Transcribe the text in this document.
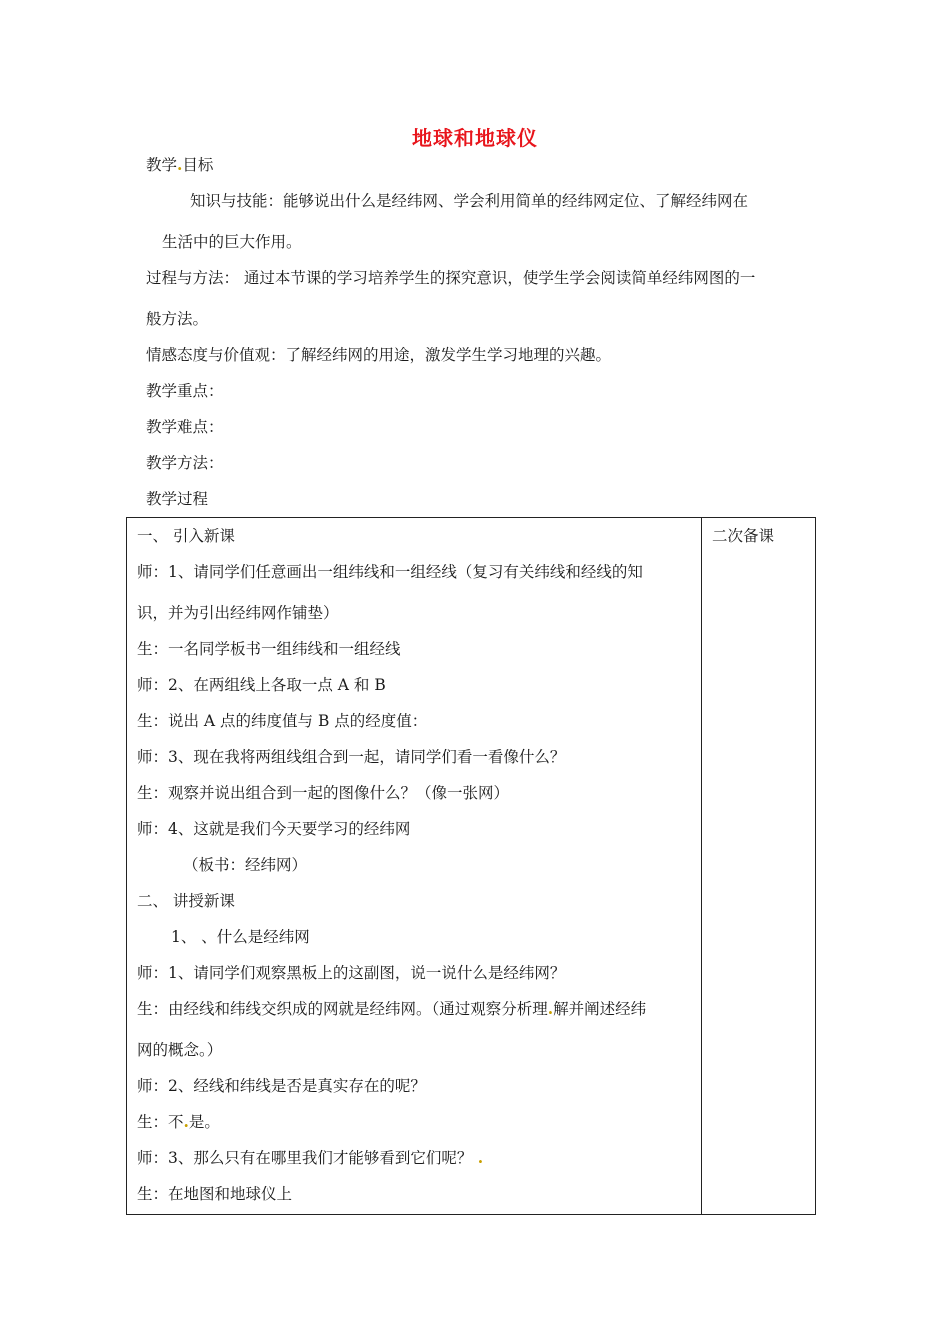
地球和地球仪
教学.目标
知识与技能：能够说出什么是经纬网、学会利用简单的经纬网定位、了解经纬网在
生活中的巨大作用。
过程与方法： 通过本节课的学习培养学生的探究意识，使学生学会阅读简单经纬网图的一
般方法。
情感态度与价值观：了解经纬网的用途，激发学生学习地理的兴趣。
教学重点：
教学难点：
教学方法：
教学过程
一、 引入新课
师：1、请同学们任意画出一组纬线和一组经线（复习有关纬线和经线的知
识，并为引出经纬网作铺垫）
生：一名同学板书一组纬线和一组经线
师：2、在两组线上各取一点 A 和 B
生：说出 A 点的纬度值与 B 点的经度值：
师：3、现在我将两组线组合到一起，请同学们看一看像什么？
生：观察并说出组合到一起的图像什么？（像一张网）
师：4、这就是我们今天要学习的经纬网
（板书：经纬网）
二、 讲授新课
1、 、什么是经纬网
师：1、请同学们观察黑板上的这副图，说一说什么是经纬网？
生：由经线和纬线交织成的网就是经纬网。（通过观察分析理.解并阐述经纬
网的概念。）
师：2、经线和纬线是否是真实存在的呢？
生：不.是。
师：3、那么只有在哪里我们才能够看到它们呢？ .
生：在地图和地球仪上

二次备课
